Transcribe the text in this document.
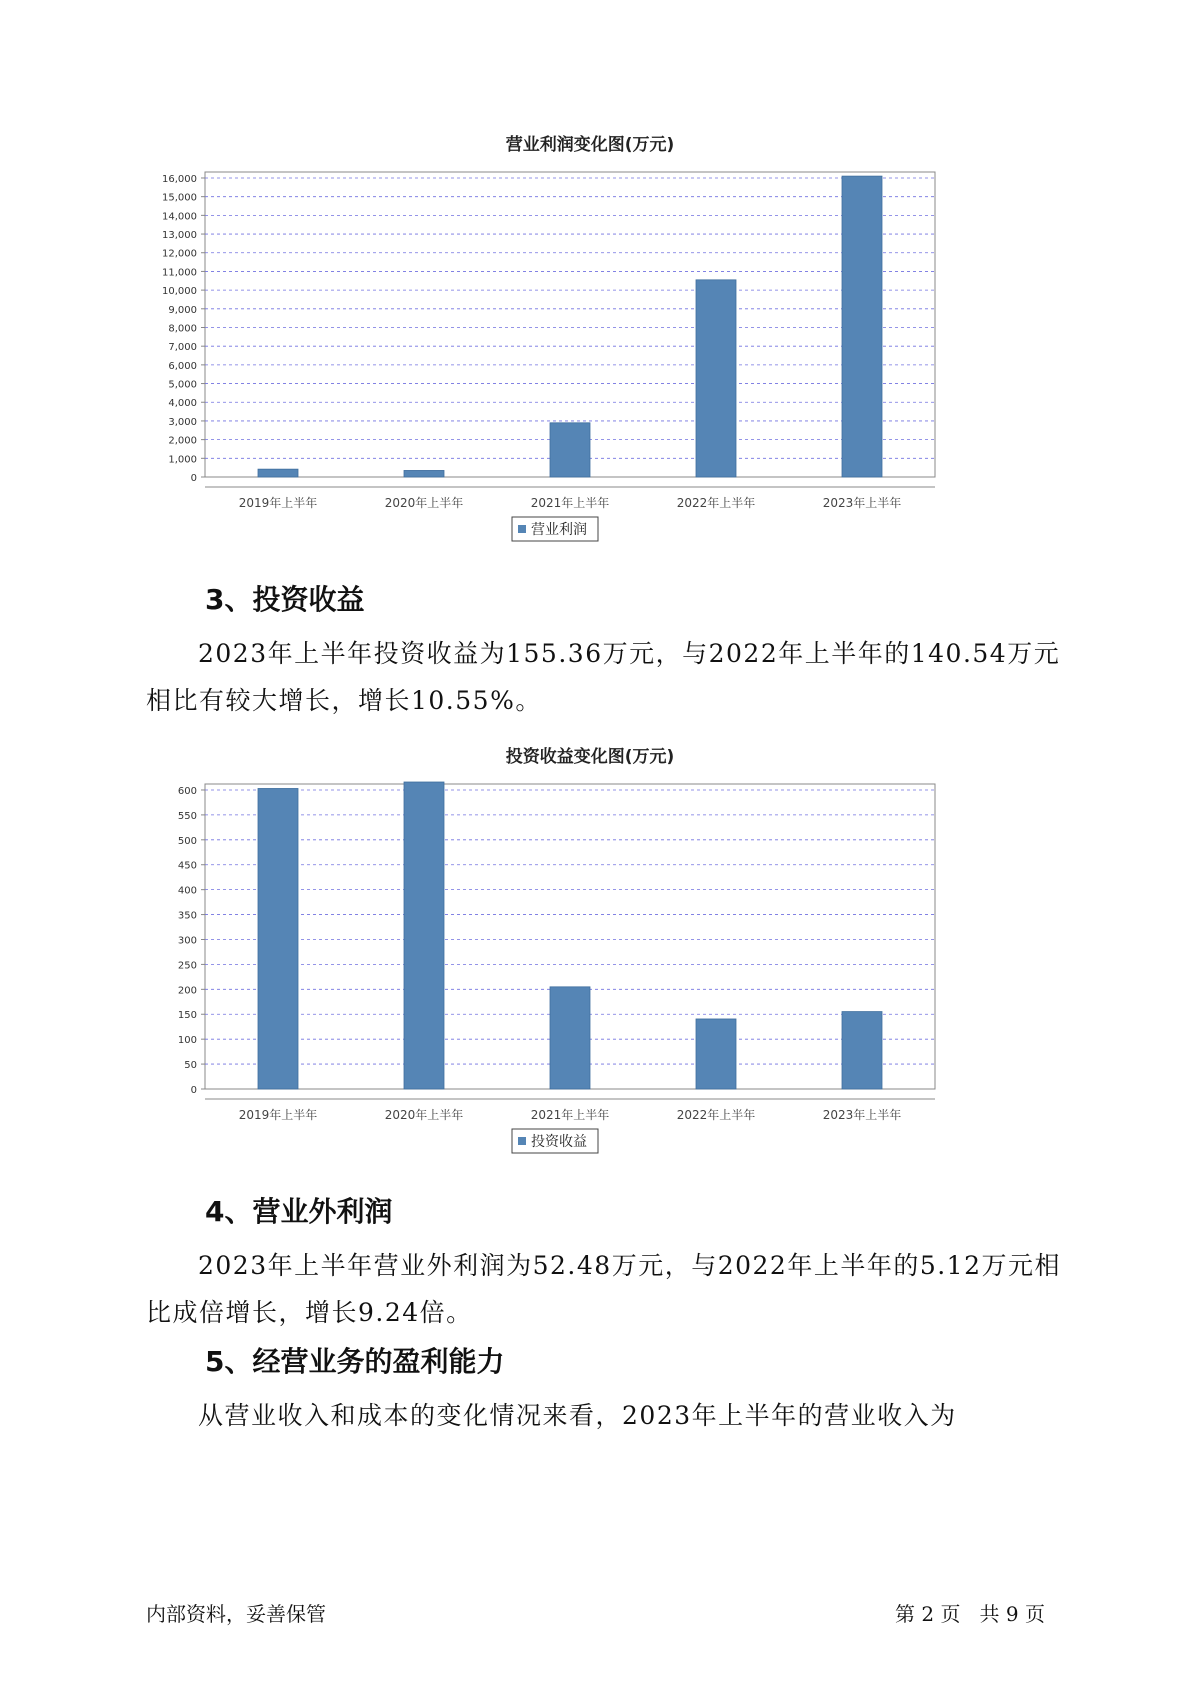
营业利润变化图(万元)
0
1,000
2,000
3,000
4,000
5,000
6,000
7,000
8,000
9,000
10,000
11,000
12,000
13,000
14,000
15,000
16,000
2019年上半年	2020年上半年	2021年上半年	2022年上半年	2023年上半年
营业利润
3、投资收益

2023年上半年投资收益为155.36万元，与2022年上半年的140.54万元
相比有较大增长，增长10.55%。

投资收益变化图(万元)
0
50
100
150
200
250
300
350
400
450
500
550
600
2019年上半年	2020年上半年	2021年上半年	2022年上半年	2023年上半年
投资收益
4、营业外利润

2023年上半年营业外利润为52.48万元，与2022年上半年的5.12万元相
比成倍增长，增长9.24倍。

5、经营业务的盈利能力

从营业收入和成本的变化情况来看，2023年上半年的营业收入为

内部资料，妥善保管	第 2 页   共 9 页
